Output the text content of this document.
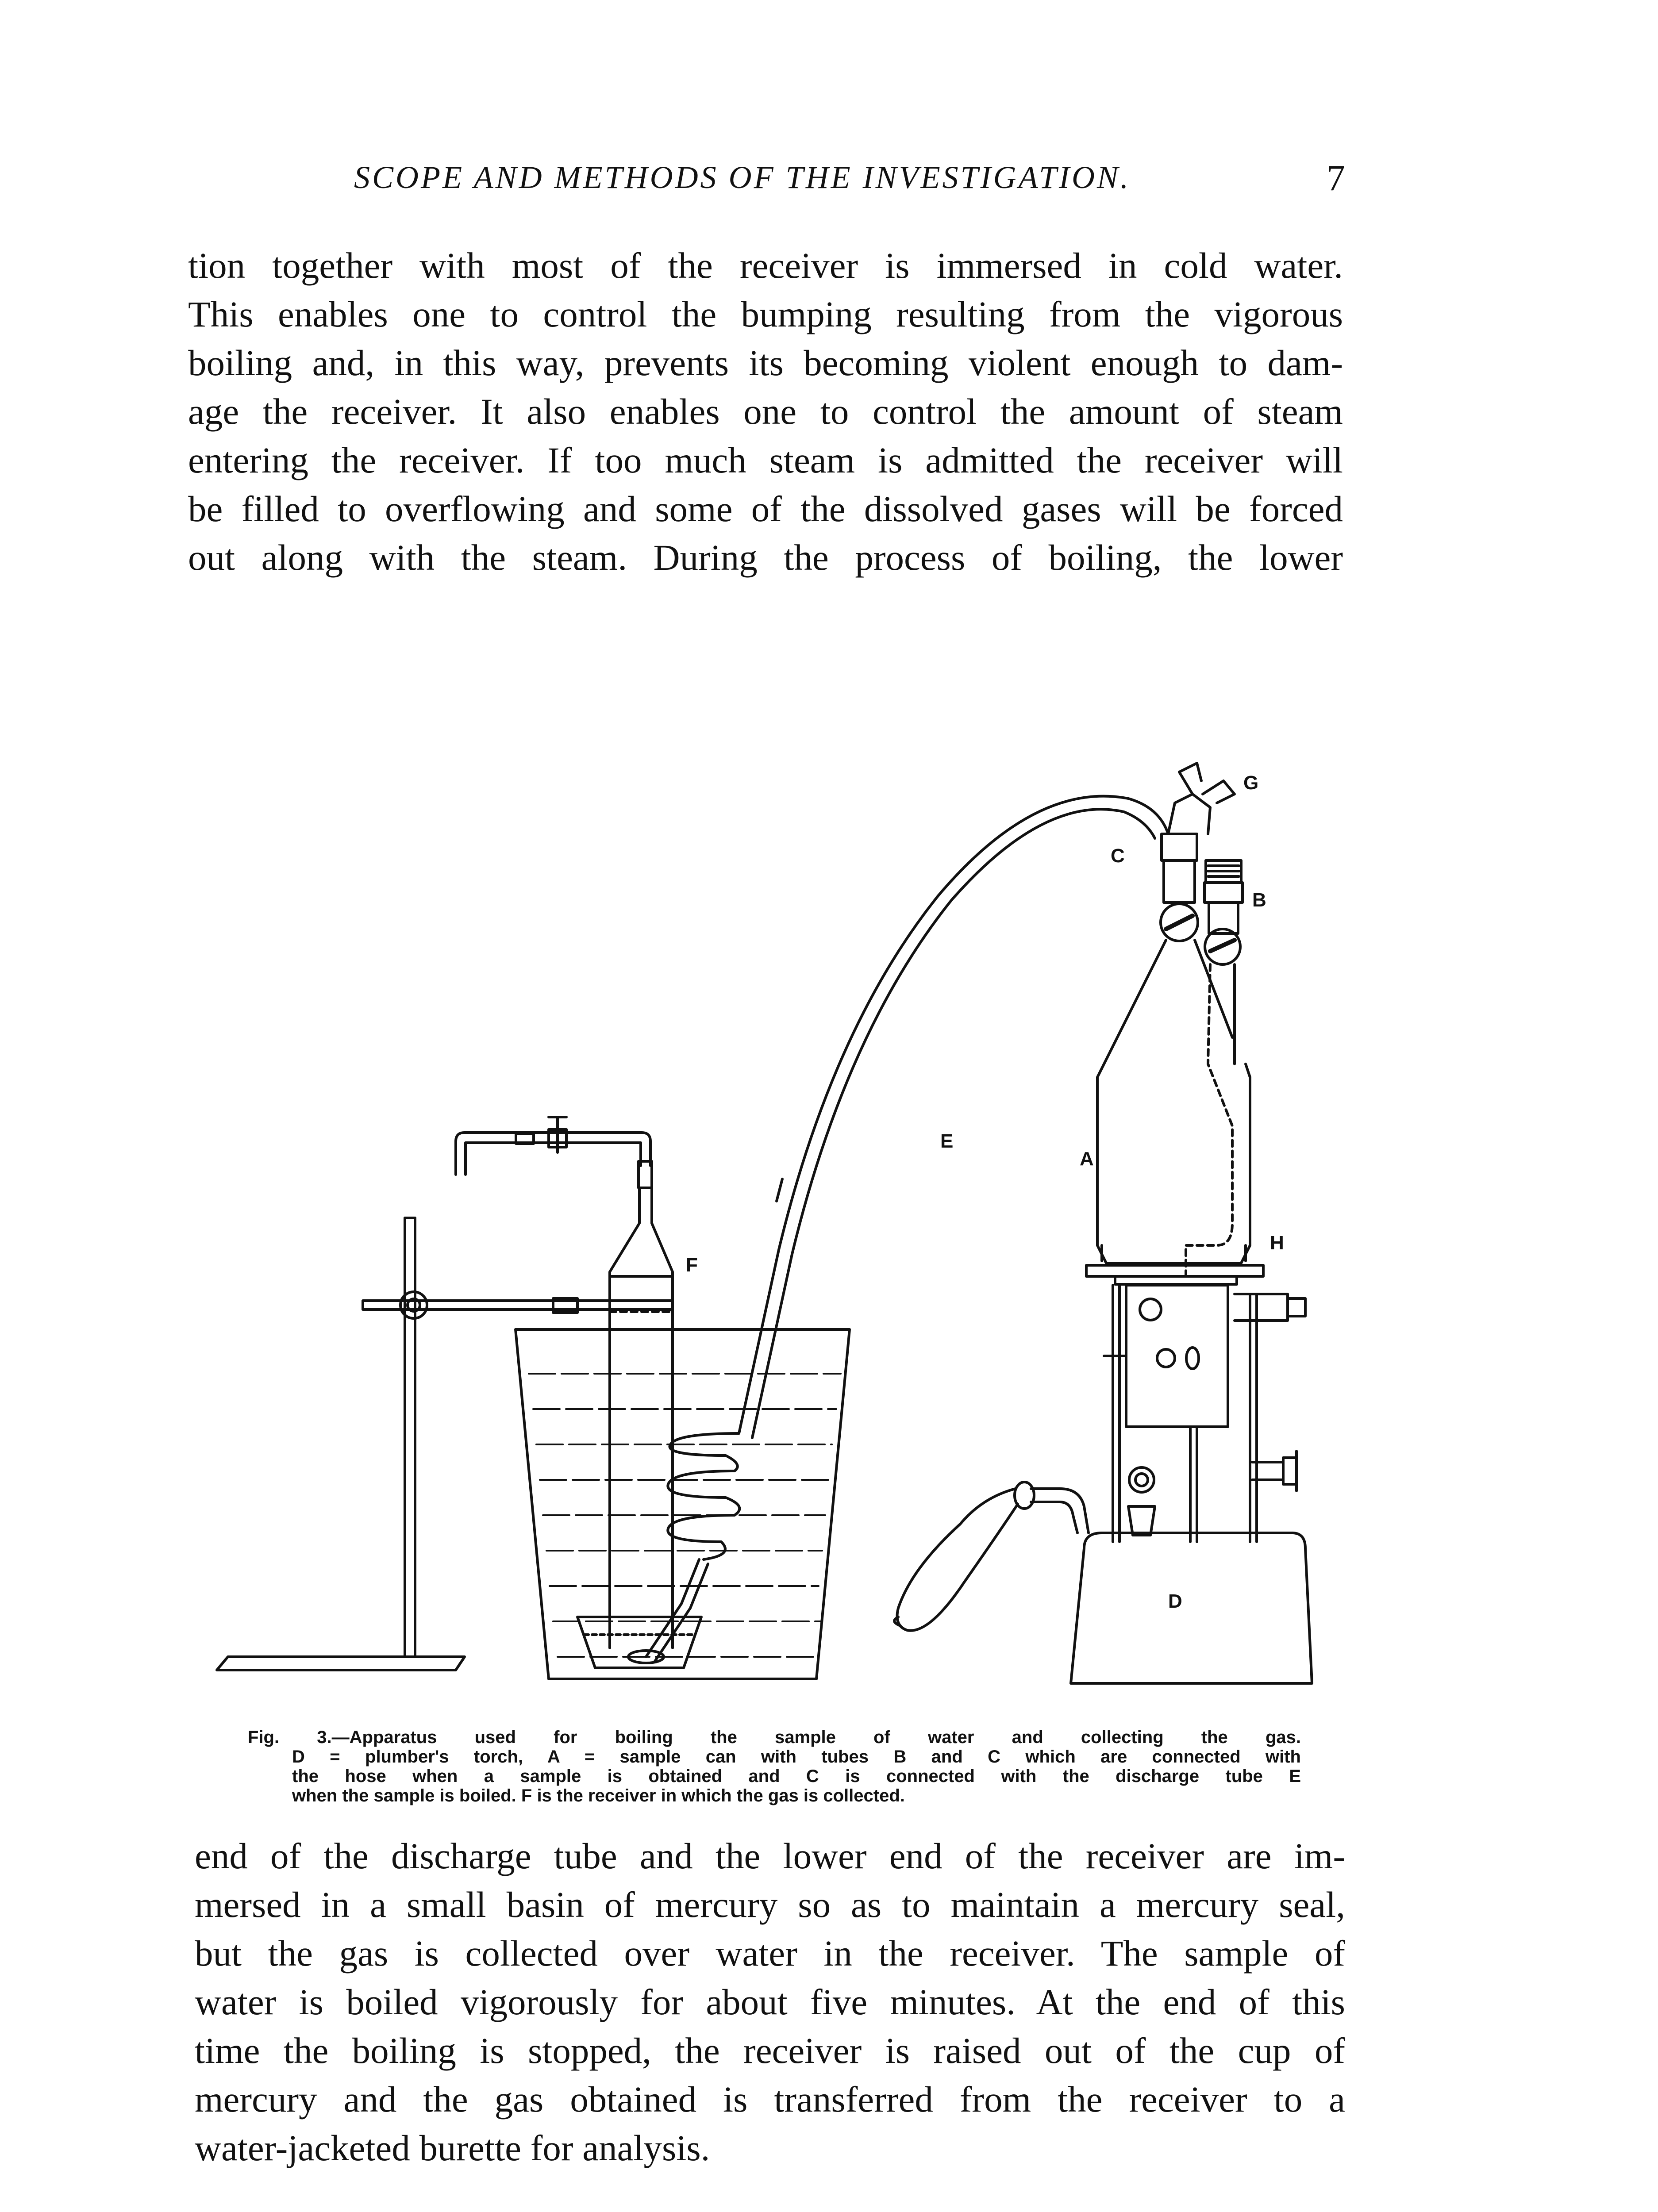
SCOPE AND METHODS OF THE INVESTIGATION.	7
tion together with most of the receiver is immersed in cold water.
This enables one to control the bumping resulting from the vigorous
boiling and, in this way, prevents its becoming violent enough to dam-
age the receiver. It also enables one to control the amount of steam
entering the receiver. If too much steam is admitted the receiver will
be filled to overflowing and some of the dissolved gases will be forced
out along with the steam. During the process of boiling, the lower
E
A
G
C
B
H
F
D
Fig. 3.—Apparatus used for boiling the sample of water and collecting the gas.
D = plumber's torch, A = sample can with tubes B and C which are connected with
the hose when a sample is obtained and C is connected with the discharge tube E
when the sample is boiled. F is the receiver in which the gas is collected.
end of the discharge tube and the lower end of the receiver are im-
mersed in a small basin of mercury so as to maintain a mercury seal,
but the gas is collected over water in the receiver. The sample of
water is boiled vigorously for about five minutes. At the end of this
time the boiling is stopped, the receiver is raised out of the cup of
mercury and the gas obtained is transferred from the receiver to a
water-jacketed burette for analysis.
